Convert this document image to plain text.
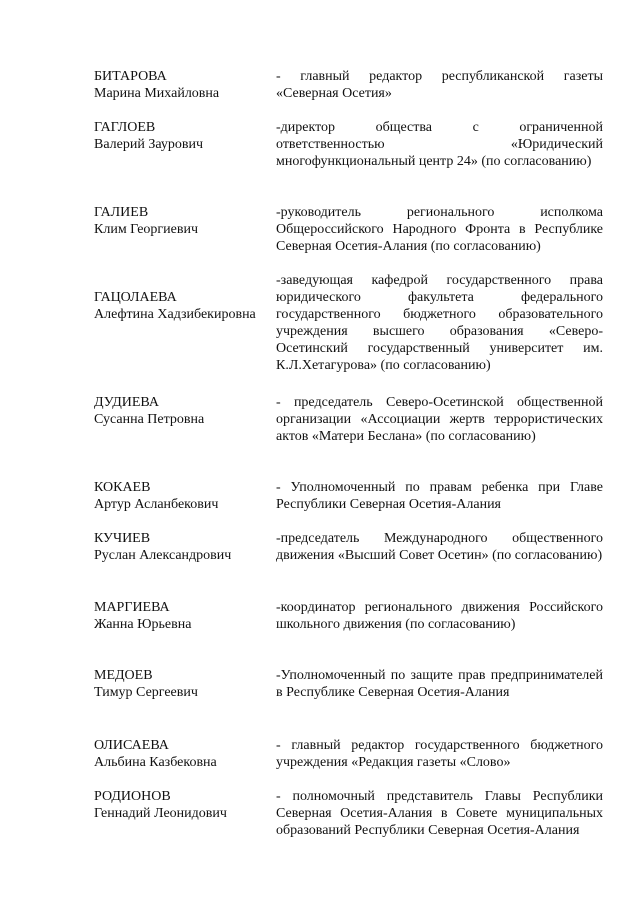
БИТАРОВА
Марина Михайловна
- главный редактор республиканской газеты «Северная Осетия»
ГАГЛОЕВ
Валерий Заурович
-директор общества с ограниченной ответственностью «Юридический многофункциональный центр 24» (по согласованию)
ГАЛИЕВ
Клим Георгиевич
-руководитель регионального исполкома Общероссийского Народного Фронта в Республике Северная Осетия-Алания (по согласованию)
ГАЦОЛАЕВА
Алефтина Хадзибекировна
-заведующая кафедрой государственного права юридического факультета федерального государственного бюджетного образовательного учреждения высшего образования «Северо-Осетинский государственный университет им. К.Л.Хетагурова» (по согласованию)
ДУДИЕВА
Сусанна Петровна
- председатель Северо-Осетинской общественной организации «Ассоциации жертв террористических актов «Матери Беслана» (по согласованию)
КОКАЕВ
Артур Асланбекович
- Уполномоченный по правам ребенка при Главе Республики Северная Осетия-Алания
КУЧИЕВ
Руслан Александрович
-председатель Международного общественного движения «Высший Совет Осетин» (по согласованию)
МАРГИЕВА
Жанна Юрьевна
-координатор регионального движения Российского школьного движения (по согласованию)
МЕДОЕВ
Тимур Сергеевич
-Уполномоченный по защите прав предпринимателей в Республике Северная Осетия-Алания
ОЛИСАЕВА
Альбина Казбековна
- главный редактор государственного бюджетного учреждения «Редакция газеты «Слово»
РОДИОНОВ
Геннадий Леонидович
- полномочный представитель Главы Республики Северная Осетия-Алания в Совете муниципальных образований Республики Северная Осетия-Алания
